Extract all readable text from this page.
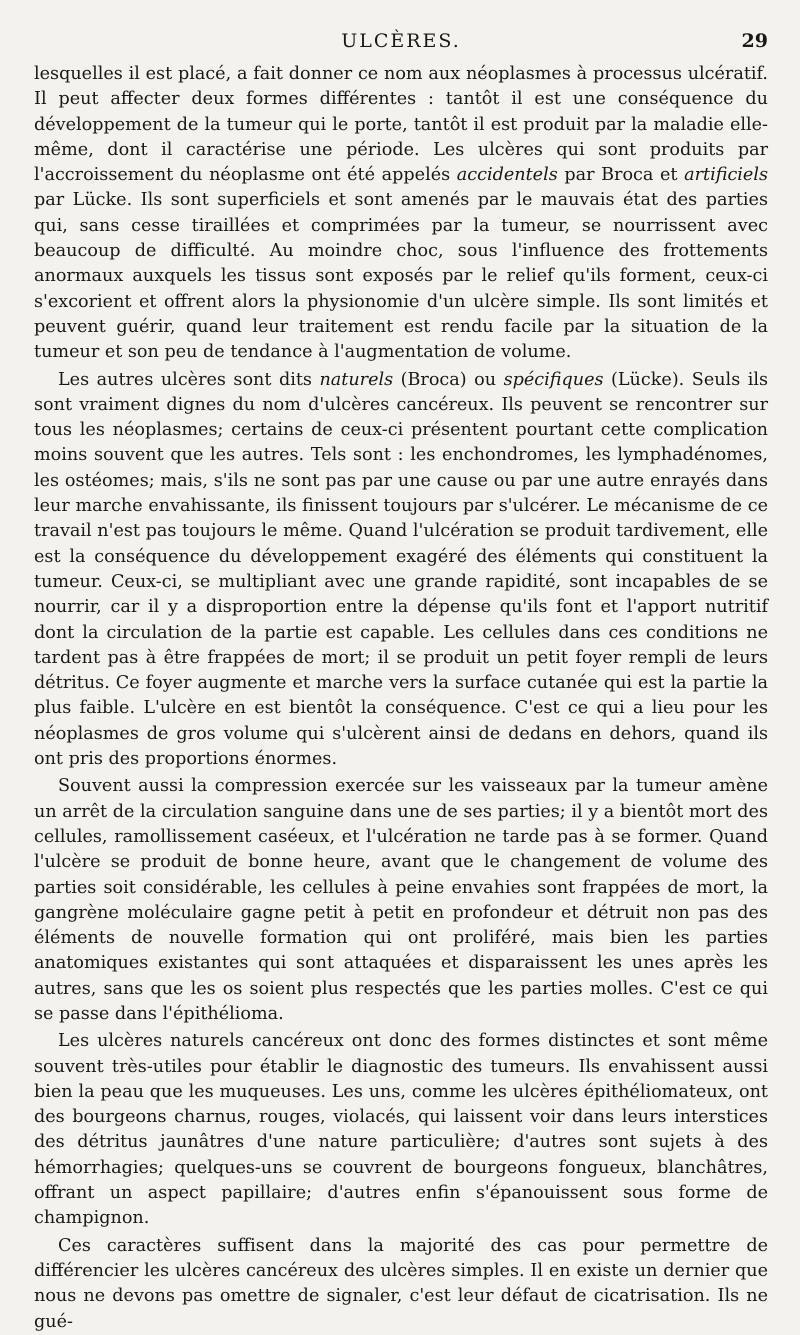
ULCÈRES.	29

lesquelles il est placé, a fait donner ce nom aux néoplasmes à processus ulcératif. Il peut affecter deux formes différentes : tantôt il est une conséquence du développement de la tumeur qui le porte, tantôt il est produit par la maladie elle-même, dont il caractérise une période. Les ulcères qui sont produits par l'accroissement du néoplasme ont été appelés accidentels par Broca et artificiels par Lücke. Ils sont superficiels et sont amenés par le mauvais état des parties qui, sans cesse tiraillées et comprimées par la tumeur, se nourrissent avec beaucoup de difficulté. Au moindre choc, sous l'influence des frottements anormaux auxquels les tissus sont exposés par le relief qu'ils forment, ceux-ci s'excorient et offrent alors la physionomie d'un ulcère simple. Ils sont limités et peuvent guérir, quand leur traitement est rendu facile par la situation de la tumeur et son peu de tendance à l'augmentation de volume.

Les autres ulcères sont dits naturels (Broca) ou spécifiques (Lücke). Seuls ils sont vraiment dignes du nom d'ulcères cancéreux. Ils peuvent se rencontrer sur tous les néoplasmes; certains de ceux-ci présentent pourtant cette complication moins souvent que les autres. Tels sont : les enchondromes, les lymphadénomes, les ostéomes; mais, s'ils ne sont pas par une cause ou par une autre enrayés dans leur marche envahissante, ils finissent toujours par s'ulcérer. Le mécanisme de ce travail n'est pas toujours le même. Quand l'ulcération se produit tardivement, elle est la conséquence du développement exagéré des éléments qui constituent la tumeur. Ceux-ci, se multipliant avec une grande rapidité, sont incapables de se nourrir, car il y a disproportion entre la dépense qu'ils font et l'apport nutritif dont la circulation de la partie est capable. Les cellules dans ces conditions ne tardent pas à être frappées de mort; il se produit un petit foyer rempli de leurs détritus. Ce foyer augmente et marche vers la surface cutanée qui est la partie la plus faible. L'ulcère en est bientôt la conséquence. C'est ce qui a lieu pour les néoplasmes de gros volume qui s'ulcèrent ainsi de dedans en dehors, quand ils ont pris des proportions énormes.

Souvent aussi la compression exercée sur les vaisseaux par la tumeur amène un arrêt de la circulation sanguine dans une de ses parties; il y a bientôt mort des cellules, ramollissement caséeux, et l'ulcération ne tarde pas à se former. Quand l'ulcère se produit de bonne heure, avant que le changement de volume des parties soit considérable, les cellules à peine envahies sont frappées de mort, la gangrène moléculaire gagne petit à petit en profondeur et détruit non pas des éléments de nouvelle formation qui ont proliféré, mais bien les parties anatomiques existantes qui sont attaquées et disparaissent les unes après les autres, sans que les os soient plus respectés que les parties molles. C'est ce qui se passe dans l'épithélioma.

Les ulcères naturels cancéreux ont donc des formes distinctes et sont même souvent très-utiles pour établir le diagnostic des tumeurs. Ils envahissent aussi bien la peau que les muqueuses. Les uns, comme les ulcères épithéliomateux, ont des bourgeons charnus, rouges, violacés, qui laissent voir dans leurs interstices des détritus jaunâtres d'une nature particulière; d'autres sont sujets à des hémorrhagies; quelques-uns se couvrent de bourgeons fongueux, blanchâtres, offrant un aspect papillaire; d'autres enfin s'épanouissent sous forme de champignon.

Ces caractères suffisent dans la majorité des cas pour permettre de différencier les ulcères cancéreux des ulcères simples. Il en existe un dernier que nous ne devons pas omettre de signaler, c'est leur défaut de cicatrisation. Ils ne gué-
